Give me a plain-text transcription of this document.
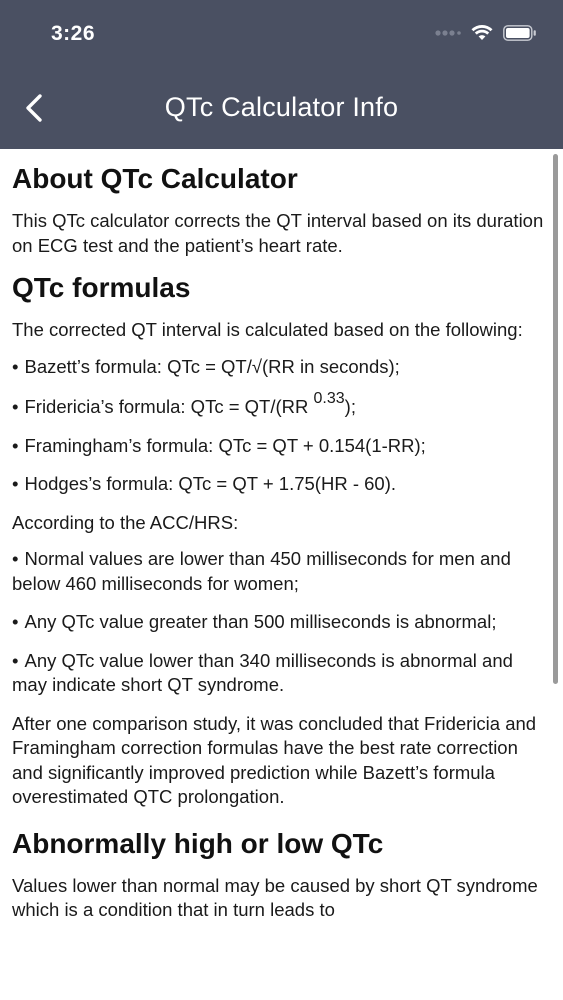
3:26
QTc Calculator Info
About QTc Calculator

This QTc calculator corrects the QT interval based on its duration on ECG test and the patient’s heart rate.

QTc formulas

The corrected QT interval is calculated based on the following:

• Bazett’s formula: QTc = QT/√(RR in seconds);
• Fridericia’s formula: QTc = QT/(RR 0.33);
• Framingham’s formula: QTc = QT + 0.154(1-RR);
• Hodges’s formula: QTc = QT + 1.75(HR - 60).

According to the ACC/HRS:

• Normal values are lower than 450 milliseconds for men and below 460 milliseconds for women;
• Any QTc value greater than 500 milliseconds is abnormal;
• Any QTc value lower than 340 milliseconds is abnormal and may indicate short QT syndrome.

After one comparison study, it was concluded that Fridericia and Framingham correction formulas have the best rate correction and significantly improved prediction while Bazett’s formula overestimated QTC prolongation.

Abnormally high or low QTc

Values lower than normal may be caused by short QT syndrome which is a condition that in turn leads to
